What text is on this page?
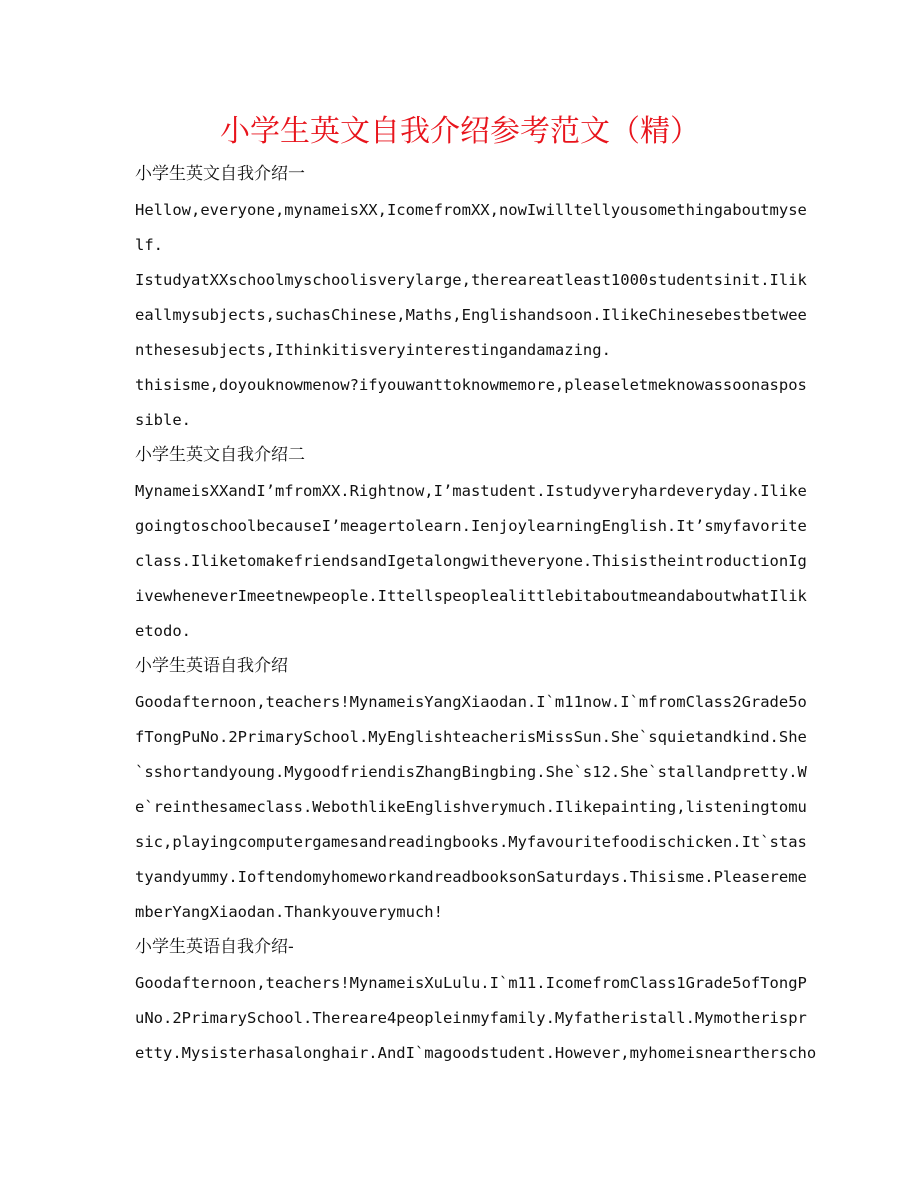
小学生英文自我介绍参考范文（精）

小学生英文自我介绍一

Hellow,everyone,mynameisXX,IcomefromXX,nowIwilltellyousomethingaboutmyse

lf.

IstudyatXXschoolmyschoolisverylarge,thereareatleast1000studentsinit.Ilik

eallmysubjects,suchasChinese,Maths,Englishandsoon.IlikeChinesebestbetwee

nthesesubjects,Ithinkitisveryinterestingandamazing.

thisisme,doyouknowmenow?ifyouwanttoknowmemore,pleaseletmeknowassoonaspos

sible.

小学生英文自我介绍二

MynameisXXandI’mfromXX.Rightnow,I’mastudent.Istudyveryhardeveryday.Ilike

goingtoschoolbecauseI’meagertolearn.IenjoylearningEnglish.It’smyfavorite

class.IliketomakefriendsandIgetalongwitheveryone.ThisistheintroductionIg

ivewheneverImeetnewpeople.IttellspeoplealittlebitaboutmeandaboutwhatIlik

etodo.

小学生英语自我介绍

Goodafternoon,teachers!MynameisYangXiaodan.I`m11now.I`mfromClass2Grade5o

fTongPuNo.2PrimarySchool.MyEnglishteacherisMissSun.She`squietandkind.She

`sshortandyoung.MygoodfriendisZhangBingbing.She`s12.She`stallandpretty.W

e`reinthesameclass.WebothlikeEnglishverymuch.Ilikepainting,listeningtomu

sic,playingcomputergamesandreadingbooks.Myfavouritefoodischicken.It`stas

tyandyummy.IoftendomyhomeworkandreadbooksonSaturdays.Thisisme.Pleasereme

mberYangXiaodan.Thankyouverymuch!

小学生英语自我介绍-

Goodafternoon,teachers!MynameisXuLulu.I`m11.IcomefromClass1Grade5ofTongP

uNo.2PrimarySchool.Thereare4peopleinmyfamily.Myfatheristall.Mymotherispr

etty.Mysisterhasalonghair.AndI`magoodstudent.However,myhomeisneartherscho
